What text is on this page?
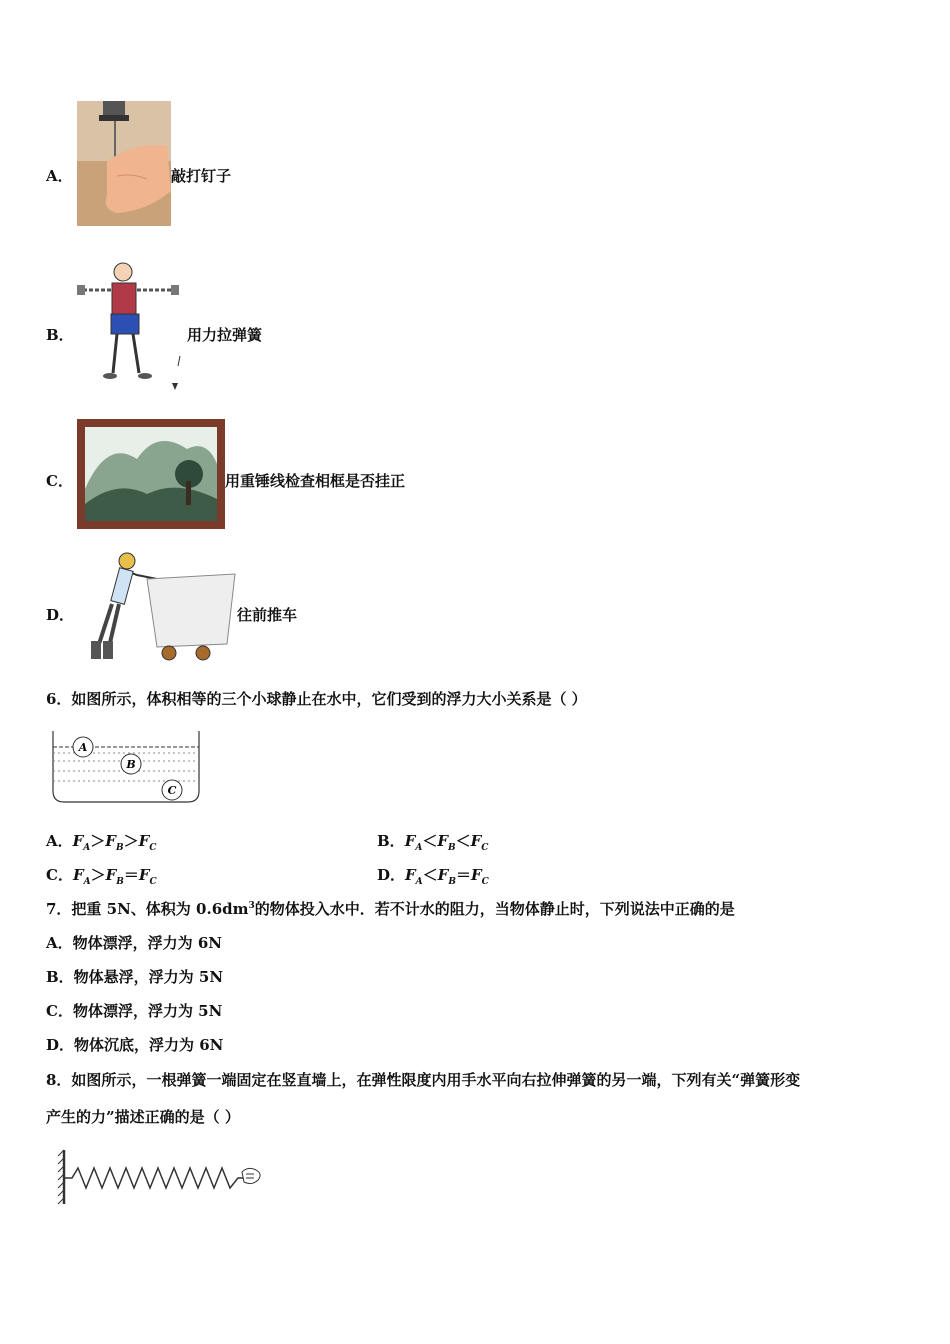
A．	敲打钉子
B．	用力拉弹簧
C．	用重锤线检查相框是否挂正
D．	往前推车
6．如图所示，体积相等的三个小球静止在水中，它们受到的浮力大小关系是（ ）
A
B
C
A．$F_A>F_B>F_C$	B．$F_A<F_B<F_C$
C．$F_A>F_B=F_C$	D．$F_A<F_B=F_C$
7．把重 5N、体积为 $0.6dm^3$的物体投入水中．若不计水的阻力，当物体静止时，下列说法中正确的是
A．物体漂浮，浮力为 6N
B．物体悬浮，浮力为 5N
C．物体漂浮，浮力为 5N
D．物体沉底，浮力为 6N
8．如图所示，一根弹簧一端固定在竖直墙上，在弹性限度内用手水平向右拉伸弹簧的另一端，下列有关“弹簧形变
产生的力”描述正确的是（ ）
